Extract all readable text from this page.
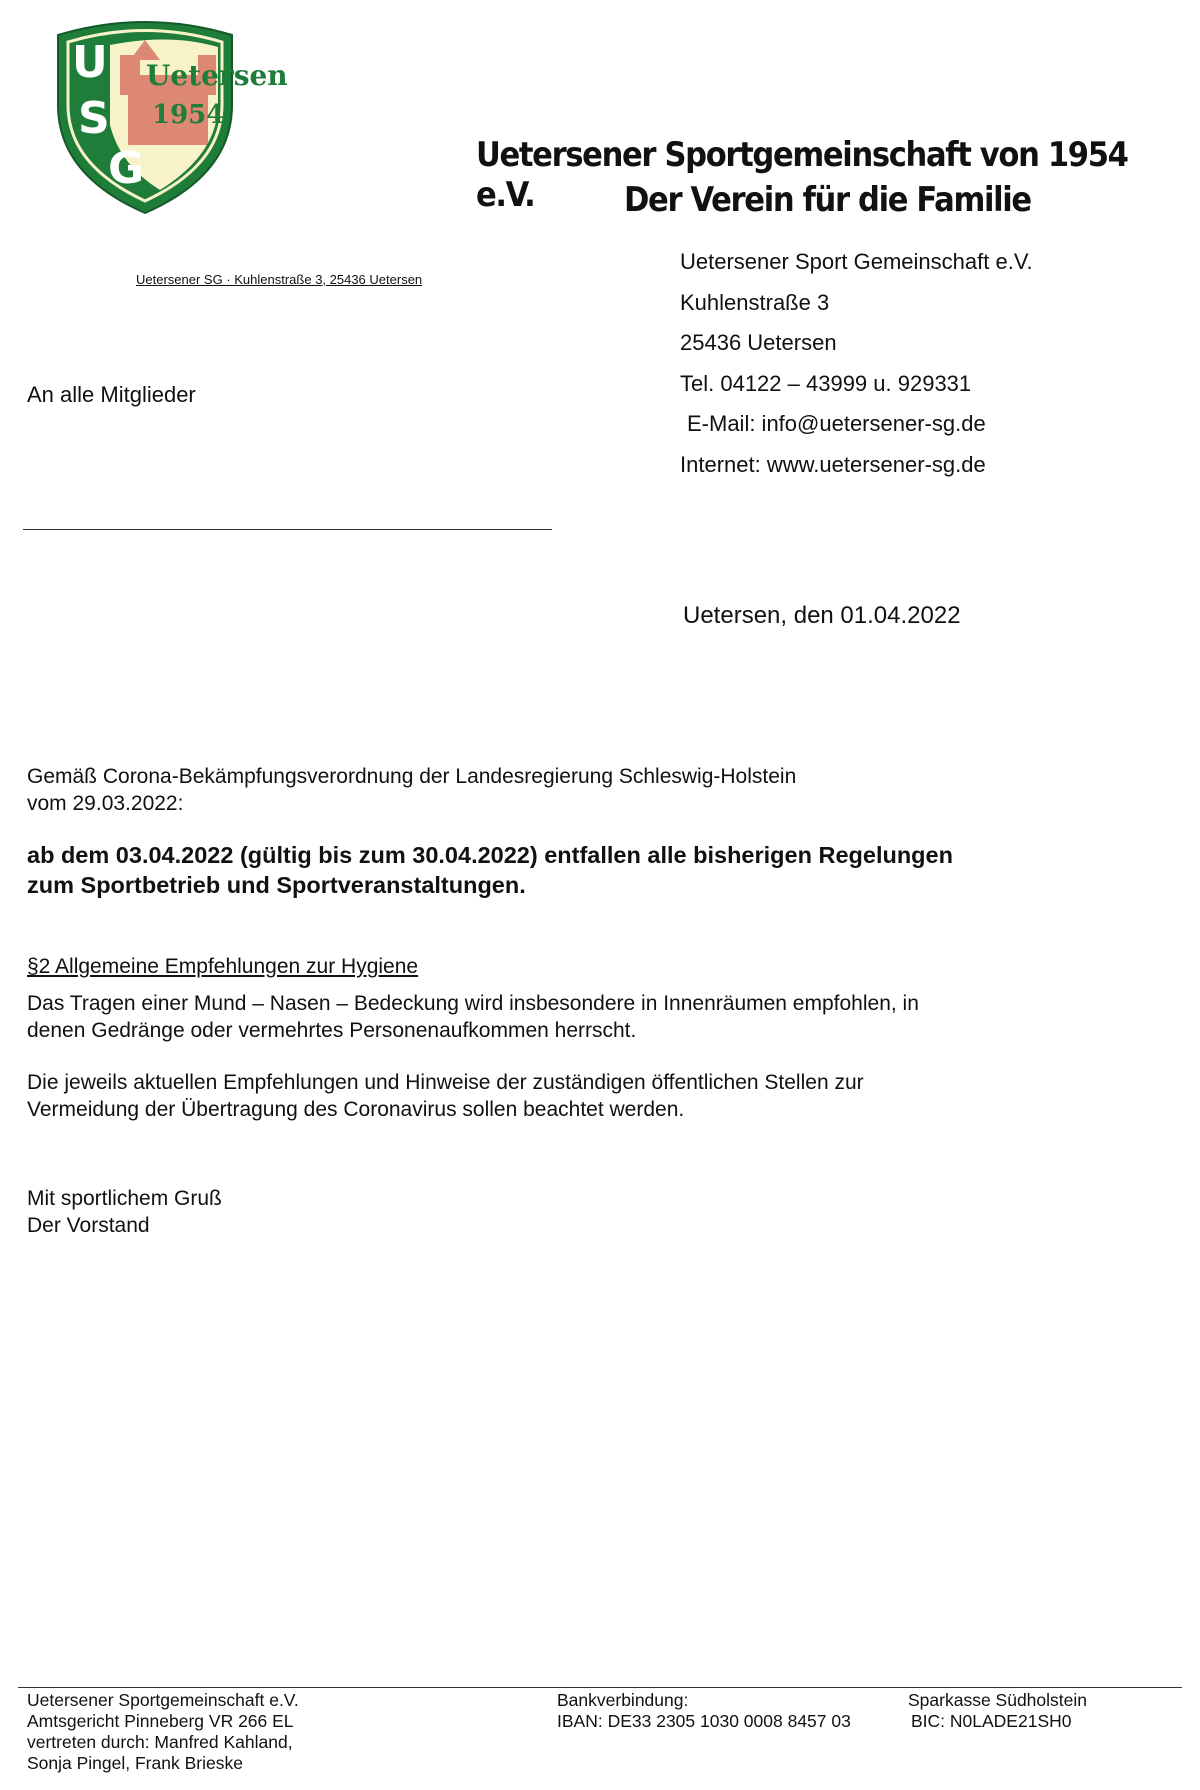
Uetersen
1954
U
S
G	Uetersener Sportgemeinschaft von 1954 e.V.	Der Verein für die Familie
Uetersener SG · Kuhlenstraße 3, 25436 Uetersen
An alle Mitglieder
Uetersener Sport Gemeinschaft e.V.
Kuhlenstraße 3
25436 Uetersen
Tel. 04122 – 43999 u. 929331
E-Mail: info@uetersener-sg.de
Internet: www.uetersener-sg.de
Uetersen, den 01.04.2022
Gemäß Corona-Bekämpfungsverordnung der Landesregierung Schleswig-Holstein
vom 29.03.2022:
ab dem 03.04.2022 (gültig bis zum 30.04.2022) entfallen alle bisherigen Regelungen
zum Sportbetrieb und Sportveranstaltungen.
§2 Allgemeine Empfehlungen zur Hygiene
Das Tragen einer Mund – Nasen – Bedeckung wird insbesondere in Innenräumen empfohlen, in
denen Gedränge oder vermehrtes Personenaufkommen herrscht.
Die jeweils aktuellen Empfehlungen und Hinweise der zuständigen öffentlichen Stellen zur
Vermeidung der Übertragung des Coronavirus sollen beachtet werden.
Mit sportlichem Gruß
Der Vorstand
Uetersener Sportgemeinschaft e.V.
Amtsgericht Pinneberg VR 266 EL
vertreten durch: Manfred Kahland,
Sonja Pingel, Frank Brieske
Bankverbindung:
IBAN: DE33 2305 1030 0008 8457 03
Sparkasse Südholstein
BIC: N0LADE21SH0
